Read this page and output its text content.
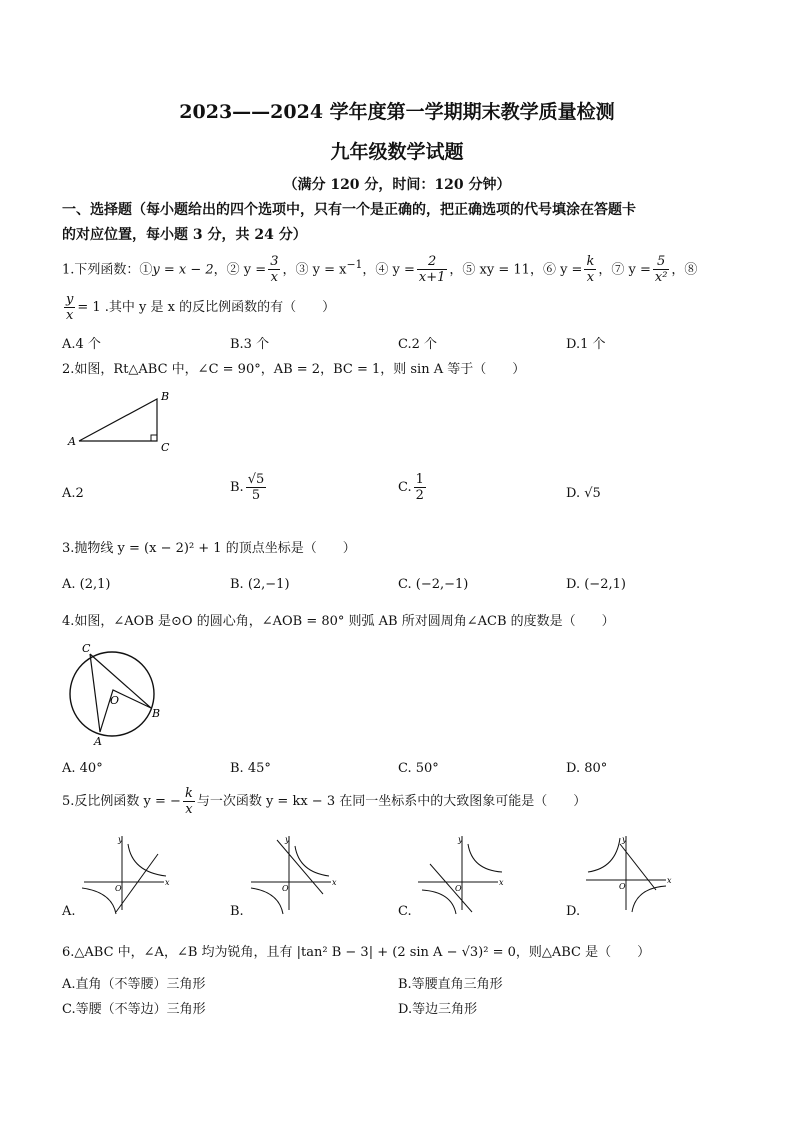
2023——2024 学年度第一学期期末教学质量检测
九年级数学试题
（满分 120 分，时间：120 分钟）
一、选择题（每小题给出的四个选项中，只有一个是正确的，把正确选项的代号填涂在答题卡
的对应位置，每小题 3 分，共 24 分）
1.下列函数：①y = x − 2，② $y = \frac{3}{x}$ ，③ $y = x^{-1}$，④ $y = \frac{2}{x+1}$ ，⑤ xy = 11，⑥ $y = \frac{k}{x}$ ，⑦ $y = \frac{5}{\text{x²}}$ ，⑧
$\frac{y}{x} = 1$ .其中 y 是 x 的反比例函数的有（　　）
A.4 个	B.3 个	C.2 个	D.1 个
2.如图，Rt△ABC 中，∠C = 90°，AB = 2，BC = 1，则 sin A 等于（　　）
A
B
C
A.2	B. $\frac{√5}{5}$	C. $\frac{1}{2}$	D. √5
3.抛物线 y = (x − 2)² + 1 的顶点坐标是（　　）
A. (2,1)	B. (2,−1)	C. (−2,−1)	D. (−2,1)
4.如图，∠AOB 是⊙O 的圆心角，∠AOB = 80° 则弧 AB 所对圆周角∠ACB 的度数是（　　）
C
O
B
A
A. 40°	B. 45°	C. 50°	D. 80°
5.反比例函数 y = − $\frac{k}{x}$ 与一次函数 y = kx − 3 在同一坐标系中的大致图象可能是（　　）
y
x
O
y
x
O
y
x
O
y
x
O
A.	B.	C.	D.
6.△ABC 中，∠A，∠B 均为锐角，且有 |tan² B − 3| + (2 sin A − √3)² = 0，则△ABC 是（　　）
A.直角（不等腰）三角形	B.等腰直角三角形
C.等腰（不等边）三角形	D.等边三角形
